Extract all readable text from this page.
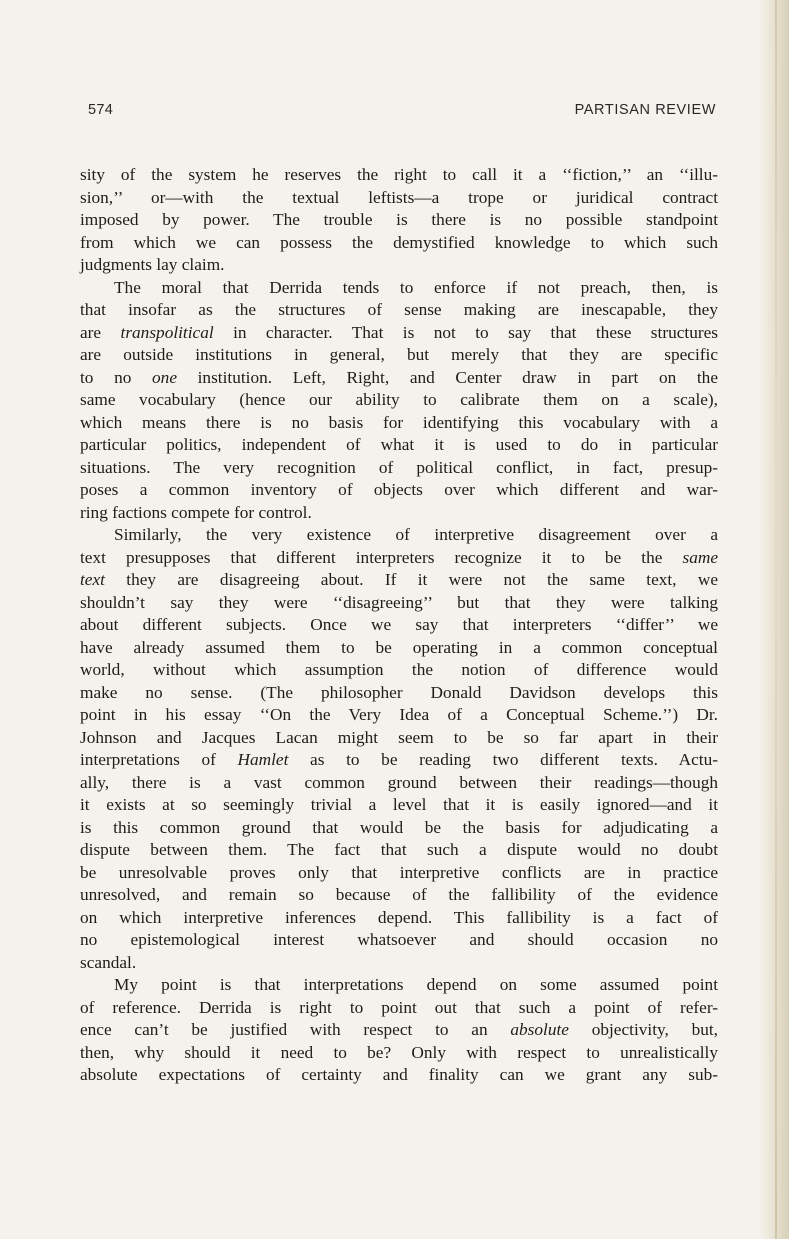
574	PARTISAN REVIEW
sity of the system he reserves the right to call it a ‘‘fiction,’’ an ‘‘illu-
sion,’’ or—with the textual leftists—a trope or juridical contract
imposed by power. The trouble is there is no possible standpoint
from which we can possess the demystified knowledge to which such
judgments lay claim.
The moral that Derrida tends to enforce if not preach, then, is
that insofar as the structures of sense making are inescapable, they
are transpolitical in character. That is not to say that these structures
are outside institutions in general, but merely that they are specific
to no one institution. Left, Right, and Center draw in part on the
same vocabulary (hence our ability to calibrate them on a scale),
which means there is no basis for identifying this vocabulary with a
particular politics, independent of what it is used to do in particular
situations. The very recognition of political conflict, in fact, presup-
poses a common inventory of objects over which different and war-
ring factions compete for control.
Similarly, the very existence of interpretive disagreement over a
text presupposes that different interpreters recognize it to be the same
text they are disagreeing about. If it were not the same text, we
shouldn’t say they were ‘‘disagreeing’’ but that they were talking
about different subjects. Once we say that interpreters ‘‘differ’’ we
have already assumed them to be operating in a common conceptual
world, without which assumption the notion of difference would
make no sense. (The philosopher Donald Davidson develops this
point in his essay ‘‘On the Very Idea of a Conceptual Scheme.’’) Dr.
Johnson and Jacques Lacan might seem to be so far apart in their
interpretations of Hamlet as to be reading two different texts. Actu-
ally, there is a vast common ground between their readings—though
it exists at so seemingly trivial a level that it is easily ignored—and it
is this common ground that would be the basis for adjudicating a
dispute between them. The fact that such a dispute would no doubt
be unresolvable proves only that interpretive conflicts are in practice
unresolved, and remain so because of the fallibility of the evidence
on which interpretive inferences depend. This fallibility is a fact of
no epistemological interest whatsoever and should occasion no
scandal.
My point is that interpretations depend on some assumed point
of reference. Derrida is right to point out that such a point of refer-
ence can’t be justified with respect to an absolute objectivity, but,
then, why should it need to be? Only with respect to unrealistically
absolute expectations of certainty and finality can we grant any sub-
